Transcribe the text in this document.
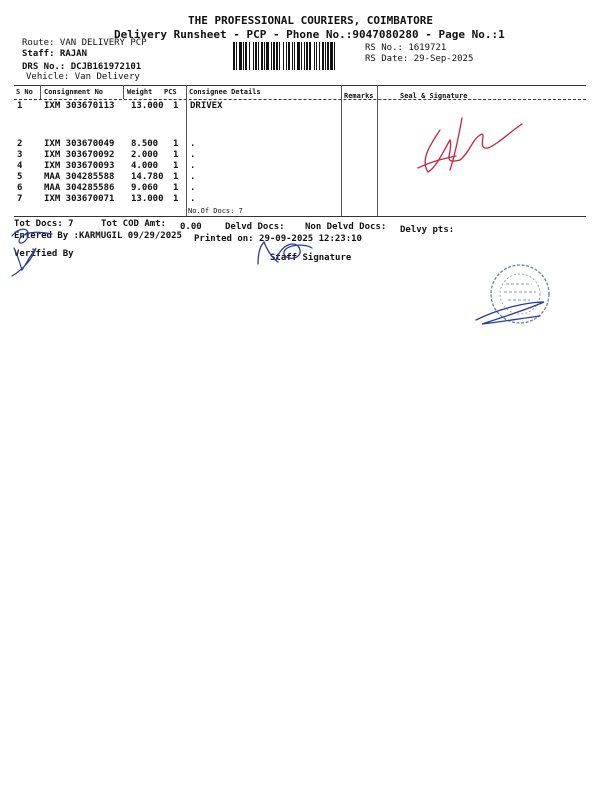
THE PROFESSIONAL COURIERS, COIMBATORE
Delivery Runsheet - PCP - Phone No.:9047080280 - Page No.:1
Route: VAN DELIVERY PCP
Staff: RAJAN
DRS No.: DCJB161972101
Vehicle: Van Delivery
RS No.: 1619721
RS Date: 29-Sep-2025
S No Consignment No	Weight PCS Consignee Details	Remarks	Seal & Signature
1 IXM 303670113 13.000 1 DRIVEX
2 IXM 303670049 8.500 1 .
3 IXM 303670092 2.000 1 .
4 IXM 303670093 4.000 1 .
5 MAA 304285588 14.780 1 .
6 MAA 304285586 9.060 1 .
7 IXM 303670071 13.000 1 .
No.Of Docs: 7
Tot Docs: 7	Tot COD Amt: 0.00	Delvd Docs: Non Delvd Docs: Delvy pts:
Entered By :KARMUGIL 09/29/2025 Printed on: 29-09-2025 12:23:10
Verified By	Staff Signature
